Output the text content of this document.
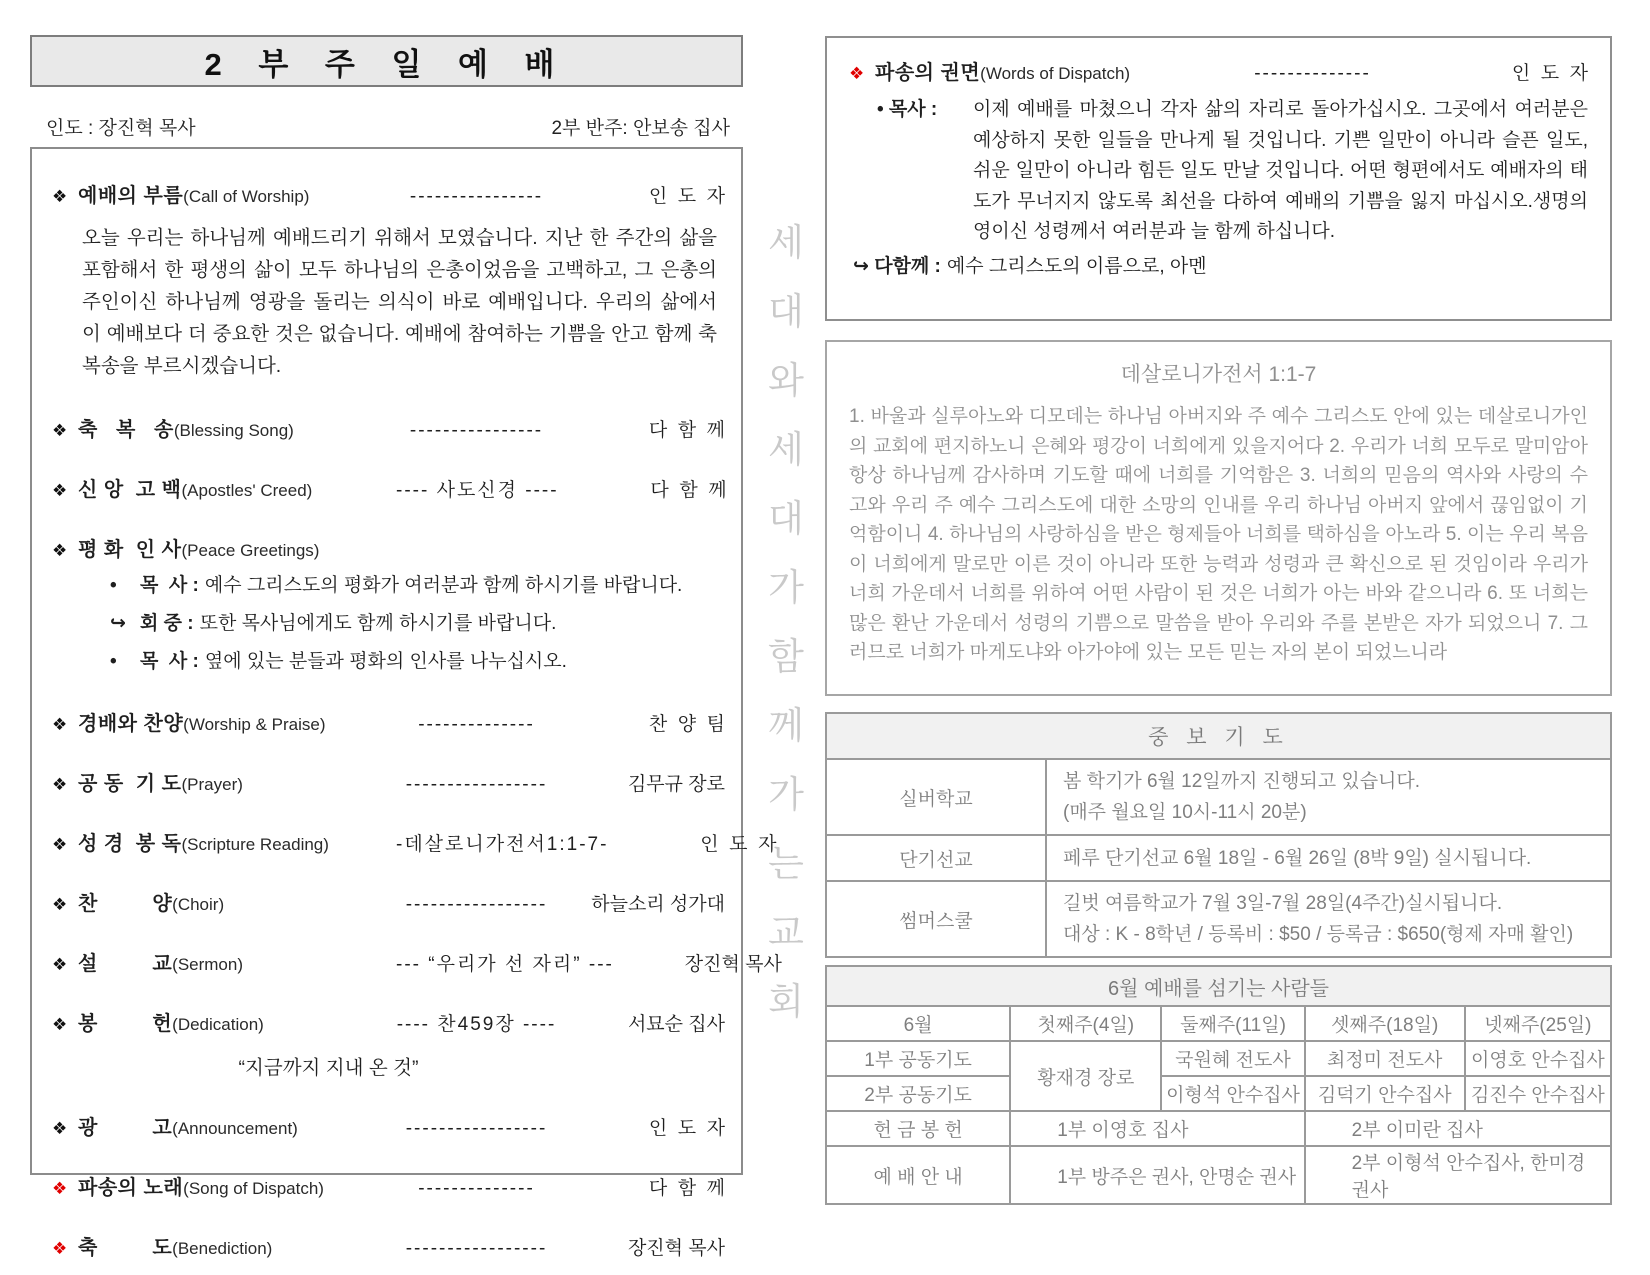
2 부 주 일 예 배
인도 : 장진혁 목사	2부 반주: 안보송 집사
❖ 예배의 부름(Call of Worship)	----------------	인  도  자
오늘 우리는 하나님께 예배드리기 위해서 모였습니다. 지난 한 주간의 삶을 포함해서 한 평생의 삶이 모두 하나님의 은총이었음을 고백하고, 그 은총의 주인이신 하나님께 영광을 돌리는 의식이 바로 예배입니다. 우리의 삶에서 이 예배보다 더 중요한 것은 없습니다. 예배에 참여하는 기쁨을 안고 함께 축복송을 부르시겠습니다.
❖ 축   복   송(Blessing Song)	----------------	다  함  께
❖ 신 앙  고 백(Apostles' Creed)	---- 사도신경 ----	다  함  께
❖ 평 화  인 사(Peace Greetings)
•	목  사 : 예수 그리스도의 평화가 여러분과 함께 하시기를 바랍니다.
↪ 회 중 : 또한 목사님에게도 함께 하시기를 바랍니다.
•	목  사 : 옆에 있는 분들과 평화의 인사를 나누십시오.
❖ 경배와 찬양(Worship & Praise)	--------------	찬  양  팀
❖ 공 동  기 도(Prayer)	-----------------	김무규 장로
❖ 성 경  봉 독(Scripture Reading)	-데살로니가전서1:1-7-	인  도  자
❖ 찬         양(Choir)	-----------------	하늘소리 성가대
❖ 설         교(Sermon)	--- “우리가 선 자리” ---	장진혁 목사
❖ 봉         헌(Dedication)	---- 찬459장 ----	서묘순 집사
“지금까지 지내 온 것”
❖ 광         고(Announcement)	-----------------	인  도  자
❖ 파송의 노래(Song of Dispatch)	--------------	다  함  께
❖ 축         도(Benediction)	-----------------	장진혁 목사
세
대
와
세
대
가
함
께
가
는
교
회
❖ 파송의 권면(Words of Dispatch)	--------------	인  도  자
• 목사 :	이제 예배를 마쳤으니 각자 삶의 자리로 돌아가십시오. 그곳에서 여러분은 예상하지 못한 일들을 만나게 될 것입니다. 기쁜 일만이 아니라 슬픈 일도, 쉬운 일만이 아니라 힘든 일도 만날 것입니다. 어떤 형편에서도 예배자의 태도가 무너지지 않도록 최선을 다하여 예배의 기쁨을 잃지 마십시오.생명의 영이신 성령께서 여러분과 늘 함께 하십니다.
↪ 다함께 : 예수 그리스도의 이름으로, 아멘
데살로니가전서 1:1-7
1. 바울과 실루아노와 디모데는 하나님 아버지와 주 예수 그리스도 안에 있는 데살로니가인의 교회에 편지하노니 은혜와 평강이 너희에게 있을지어다 2. 우리가 너희 모두로 말미암아 항상 하나님께 감사하며 기도할 때에 너희를 기억함은 3. 너희의 믿음의 역사와 사랑의 수고와 우리 주 예수 그리스도에 대한 소망의 인내를 우리 하나님 아버지 앞에서 끊임없이 기억함이니 4. 하나님의 사랑하심을 받은 형제들아 너희를 택하심을 아노라 5. 이는 우리 복음이 너희에게 말로만 이른 것이 아니라 또한 능력과 성령과 큰 확신으로 된 것임이라 우리가 너희 가운데서 너희를 위하여 어떤 사람이 된 것은 너희가 아는 바와 같으니라 6. 또 너희는 많은 환난 가운데서 성령의 기쁨으로 말씀을 받아 우리와 주를 본받은 자가 되었으니 7. 그러므로 너희가 마게도냐와 아가야에 있는 모든 믿는 자의 본이 되었느니라
중 보 기 도	
실버학교	봄 학기가 6월 12일까지 진행되고 있습니다.
(매주 월요일 10시-11시 20분)

단기선교	페루 단기선교 6월 18일 - 6월 26일 (8박 9일) 실시됩니다.

썸머스쿨	길벗 여름학교가 7월 3일-7월 28일(4주간)실시됩니다.
대상 : K - 8학년 / 등록비 : $50 / 등록금 : $650(형제 자매 활인)
6월 예배를 섬기는 사람들				
6월	첫째주(4일)	둘째주(11일)	셋째주(18일)	넷째주(25일)
1부 공동기도	황재경 장로	국원혜 전도사	최정미 전도사	이영호 안수집사
2부 공동기도		이형석 안수집사	김덕기 안수집사	김진수 안수집사
헌 금 봉 헌	1부 이영호 집사		2부 이미란 집사	
예 배 안 내	1부 방주은 권사, 안명순 권사		2부 이형석 안수집사, 한미경 권사	
